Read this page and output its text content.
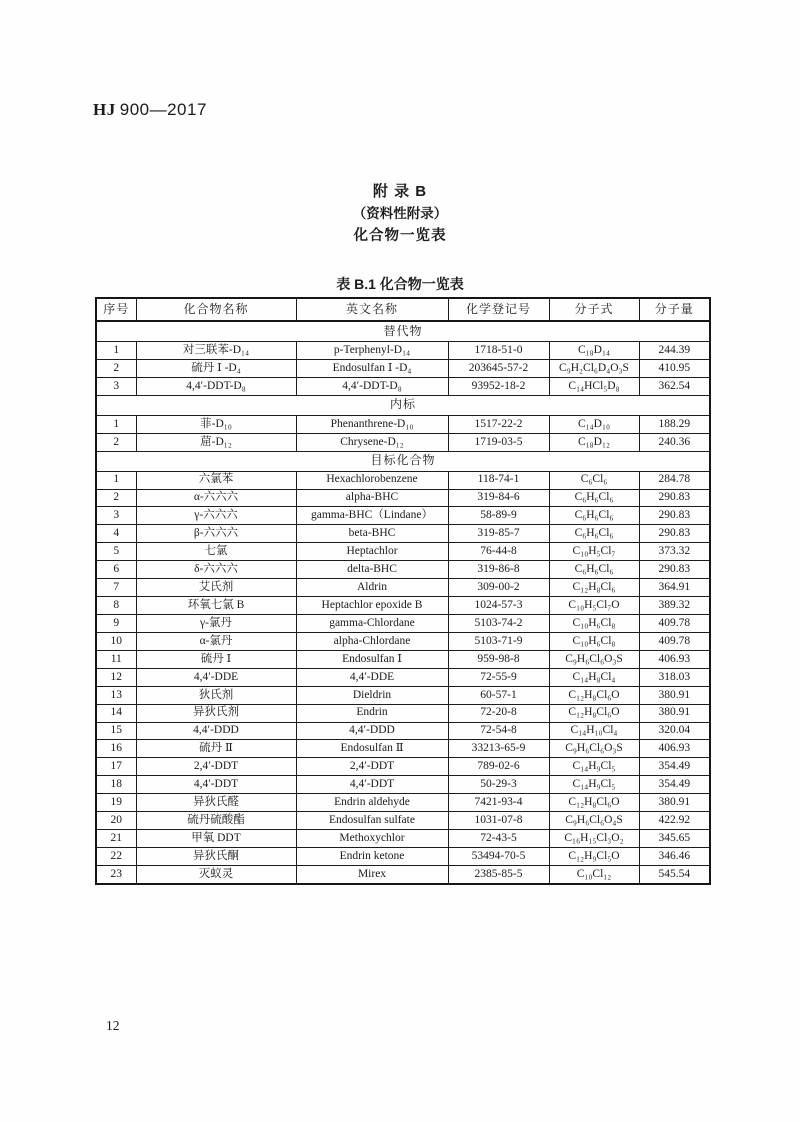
HJ 900—2017
附 录 B
（资料性附录）
化合物一览表
表 B.1 化合物一览表
序号	化合物名称	英文名称	化学登记号	分子式	分子量
替代物					
1	对三联苯-D₁₄	p-Terphenyl-D₁₄	1718-51-0	C₁₈D₁₄	244.39
2	硫丹 Ⅰ -D₄	Endosulfan Ⅰ -D₄	203645-57-2	C₉H₂Cl₆D₄O₃S	410.95
3	4,4′-DDT-D₈	4,4′-DDT-D₈	93952-18-2	C₁₄HCl₅D₈	362.54
内标					
1	菲-D₁₀	Phenanthrene-D₁₀	1517-22-2	C₁₄D₁₀	188.29
2	䓛-D₁₂	Chrysene-D₁₂	1719-03-5	C₁₈D₁₂	240.36
目标化合物					
1	六氯苯	Hexachlorobenzene	118-74-1	C₆Cl₆	284.78
2	α-六六六	alpha-BHC	319-84-6	C₆H₆Cl₆	290.83
3	γ-六六六	gamma-BHC（Lindane）	58-89-9	C₆H₆Cl₆	290.83
4	β-六六六	beta-BHC	319-85-7	C₆H₆Cl₆	290.83
5	七氯	Heptachlor	76-44-8	C₁₀H₅Cl₇	373.32
6	δ-六六六	delta-BHC	319-86-8	C₆H₆Cl₆	290.83
7	艾氏剂	Aldrin	309-00-2	C₁₂H₈Cl₆	364.91
8	环氧七氯 B	Heptachlor epoxide B	1024-57-3	C₁₀H₅Cl₇O	389.32
9	γ-氯丹	gamma-Chlordane	5103-74-2	C₁₀H₆Cl₈	409.78
10	α-氯丹	alpha-Chlordane	5103-71-9	C₁₀H₆Cl₈	409.78
11	硫丹 Ⅰ	Endosulfan Ⅰ	959-98-8	C₉H₆Cl₆O₃S	406.93
12	4,4′-DDE	4,4′-DDE	72-55-9	C₁₄H₈Cl₄	318.03
13	狄氏剂	Dieldrin	60-57-1	C₁₂H₈Cl₆O	380.91
14	异狄氏剂	Endrin	72-20-8	C₁₂H₈Cl₆O	380.91
15	4,4′-DDD	4,4′-DDD	72-54-8	C₁₄H₁₀Cl₄	320.04
16	硫丹 Ⅱ	Endosulfan Ⅱ	33213-65-9	C₉H₆Cl₆O₃S	406.93
17	2,4′-DDT	2,4′-DDT	789-02-6	C₁₄H₉Cl₅	354.49
18	4,4′-DDT	4,4′-DDT	50-29-3	C₁₄H₉Cl₅	354.49
19	异狄氏醛	Endrin aldehyde	7421-93-4	C₁₂H₈Cl₆O	380.91
20	硫丹硫酸酯	Endosulfan sulfate	1031-07-8	C₉H₆Cl₆O₄S	422.92
21	甲氧 DDT	Methoxychlor	72-43-5	C₁₆H₁₅Cl₃O₂	345.65
22	异狄氏酮	Endrin ketone	53494-70-5	C₁₂H₉Cl₅O	346.46
23	灭蚁灵	Mirex	2385-85-5	C₁₀Cl₁₂	545.54
12
